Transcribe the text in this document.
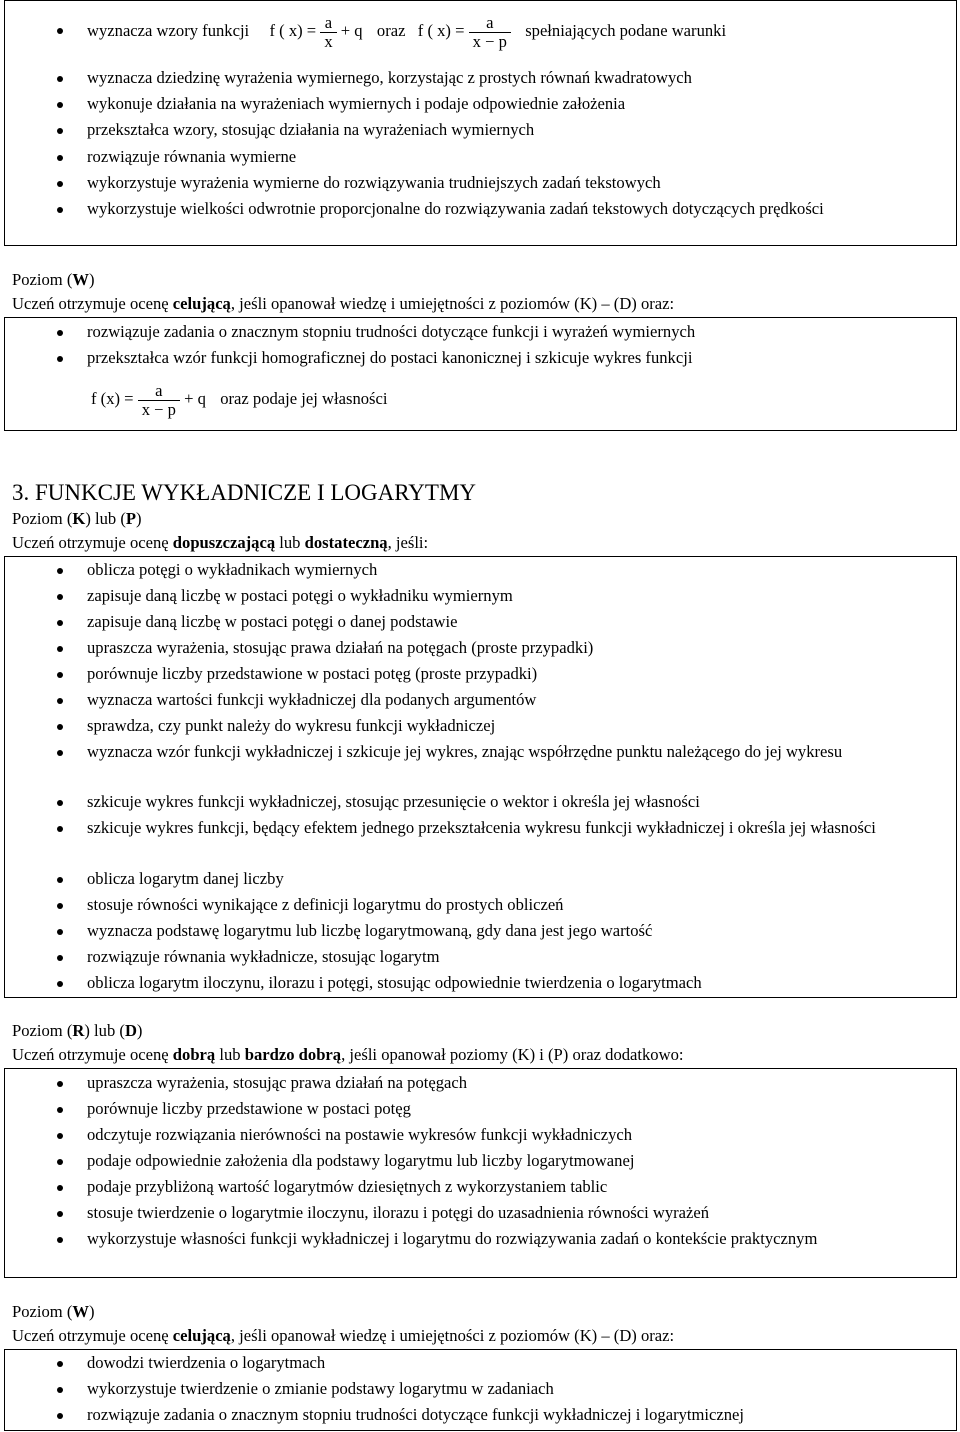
wyznacza wzory funkcji f ( $x) = \frac{a}{x} + q$ oraz f ( $x) = \frac{a}{x - p}$ spełniających podane warunki
wyznacza dziedzinę wyrażenia wymiernego, korzystając z prostych równań kwadratowych
wykonuje działania na wyrażeniach wymiernych i podaje odpowiednie założenia
przekształca wzory, stosując działania na wyrażeniach wymiernych
rozwiązuje równania wymierne
wykorzystuje wyrażenia wymierne do rozwiązywania trudniejszych zadań tekstowych
wykorzystuje wielkości odwrotnie proporcjonalne do rozwiązywania zadań tekstowych dotyczących prędkości
Poziom (W)
Uczeń otrzymuje ocenę celującą, jeśli opanował wiedzę i umiejętności z poziomów (K) – (D) oraz:
rozwiązuje zadania o znacznym stopniu trudności dotyczące funkcji i wyrażeń wymiernych
przekształca wzór funkcji homograficznej do postaci kanonicznej i szkicuje wykres funkcji
f $(x) = \frac{a}{x - p} + q$ oraz podaje jej własności
3. FUNKCJE WYKŁADNICZE I LOGARYTMY
Poziom (K) lub (P)
Uczeń otrzymuje ocenę dopuszczającą lub dostateczną, jeśli:
oblicza potęgi o wykładnikach wymiernych
zapisuje daną liczbę w postaci potęgi o wykładniku wymiernym
zapisuje daną liczbę w postaci potęgi o danej podstawie
upraszcza wyrażenia, stosując prawa działań na potęgach (proste przypadki)
porównuje liczby przedstawione w postaci potęg (proste przypadki)
wyznacza wartości funkcji wykładniczej dla podanych argumentów
sprawdza, czy punkt należy do wykresu funkcji wykładniczej
wyznacza wzór funkcji wykładniczej i szkicuje jej wykres, znając współrzędne punktu należącego do jej wykresu
szkicuje wykres funkcji wykładniczej, stosując przesunięcie o wektor i określa jej własności
szkicuje wykres funkcji, będący efektem jednego przekształcenia wykresu funkcji wykładniczej i określa jej własności
oblicza logarytm danej liczby
stosuje równości wynikające z definicji logarytmu do prostych obliczeń
wyznacza podstawę logarytmu lub liczbę logarytmowaną, gdy dana jest jego wartość
rozwiązuje równania wykładnicze, stosując logarytm
oblicza logarytm iloczynu, ilorazu i potęgi, stosując odpowiednie twierdzenia o logarytmach
Poziom (R) lub (D)
Uczeń otrzymuje ocenę dobrą lub bardzo dobrą, jeśli opanował poziomy (K) i (P) oraz dodatkowo:
upraszcza wyrażenia, stosując prawa działań na potęgach
porównuje liczby przedstawione w postaci potęg
odczytuje rozwiązania nierówności na postawie wykresów funkcji wykładniczych
podaje odpowiednie założenia dla podstawy logarytmu lub liczby logarytmowanej
podaje przybliżoną wartość logarytmów dziesiętnych z wykorzystaniem tablic
stosuje twierdzenie o logarytmie iloczynu, ilorazu i potęgi do uzasadnienia równości wyrażeń
wykorzystuje własności funkcji wykładniczej i logarytmu do rozwiązywania zadań o kontekście praktycznym
Poziom (W)
Uczeń otrzymuje ocenę celującą, jeśli opanował wiedzę i umiejętności z poziomów (K) – (D) oraz:
dowodzi twierdzenia o logarytmach
wykorzystuje twierdzenie o zmianie podstawy logarytmu w zadaniach
rozwiązuje zadania o znacznym stopniu trudności dotyczące funkcji wykładniczej i logarytmicznej
